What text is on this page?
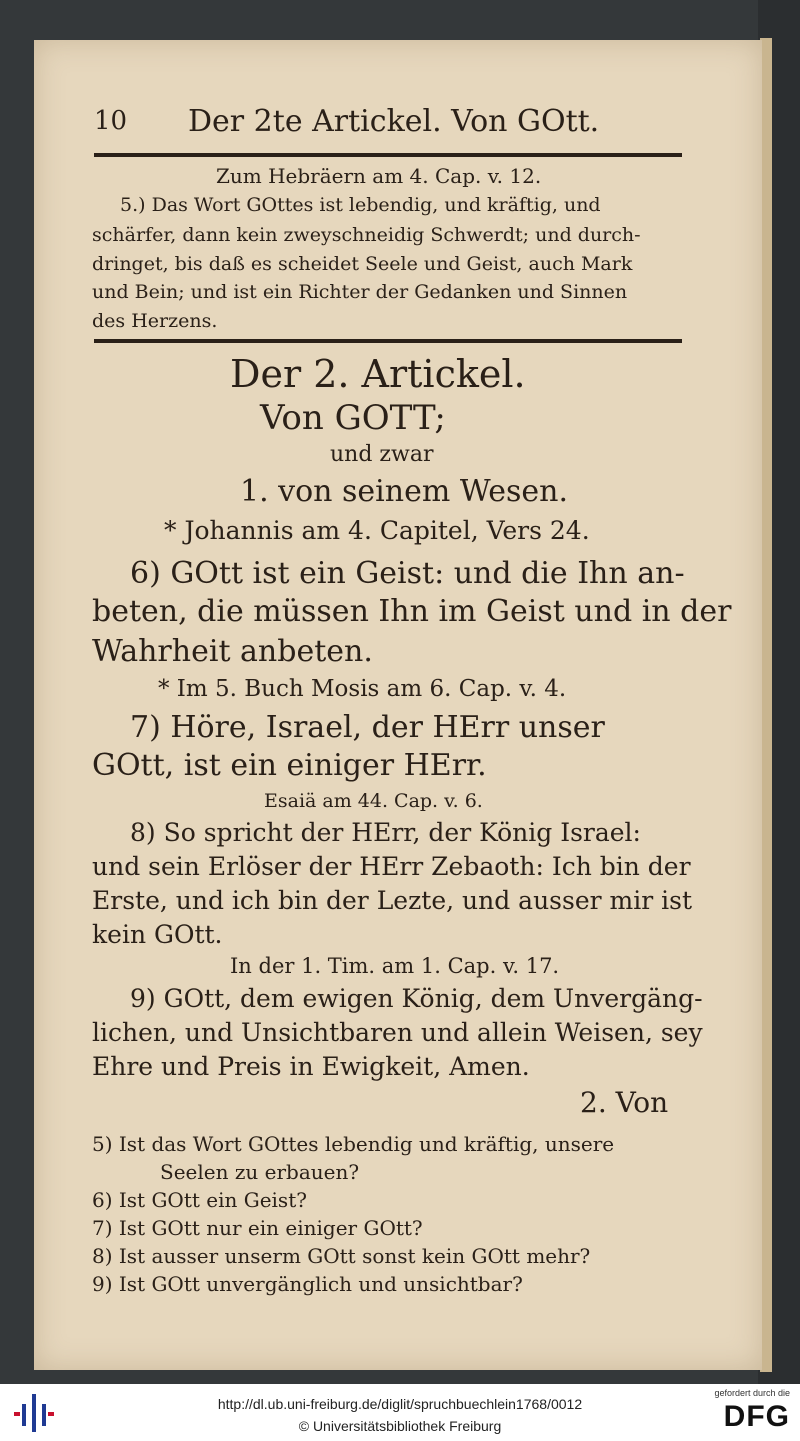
10 Der 2te Artickel. Von GOtt.
Zum Hebräern am 4. Cap. v. 12.
5.) Das Wort GOttes ist lebendig, und kräftig, und
schärfer, dann kein zweyschneidig Schwerdt; und durch-
dringet, bis daß es scheidet Seele und Geist, auch Mark
und Bein; und ist ein Richter der Gedanken und Sinnen
des Herzens.
Der 2. Artickel.
Von GOTT;
und zwar
1. von seinem Wesen.
* Johannis am 4. Capitel, Vers 24.
6) GOtt ist ein Geist: und die Ihn an-
beten, die müssen Ihn im Geist und in der
Wahrheit anbeten.
* Im 5. Buch Mosis am 6. Cap. v. 4.
7) Höre, Israel, der HErr unser
GOtt, ist ein einiger HErr.
Esaiä am 44. Cap. v. 6.
8) So spricht der HErr, der König Israel:
und sein Erlöser der HErr Zebaoth: Ich bin der
Erste, und ich bin der Lezte, und ausser mir ist
kein GOtt.
In der 1. Tim. am 1. Cap. v. 17.
9) GOtt, dem ewigen König, dem Unvergäng-
lichen, und Unsichtbaren und allein Weisen, sey
Ehre und Preis in Ewigkeit, Amen.
2. Von
5) Ist das Wort GOttes lebendig und kräftig, unsere
Seelen zu erbauen?
6) Ist GOtt ein Geist?
7) Ist GOtt nur ein einiger GOtt?
8) Ist ausser unserm GOtt sonst kein GOtt mehr?
9) Ist GOtt unvergänglich und unsichtbar?
http://dl.ub.uni-freiburg.de/diglit/spruchbuechlein1768/0012
© Universitätsbibliothek Freiburg
gefordert durch die
DFG
